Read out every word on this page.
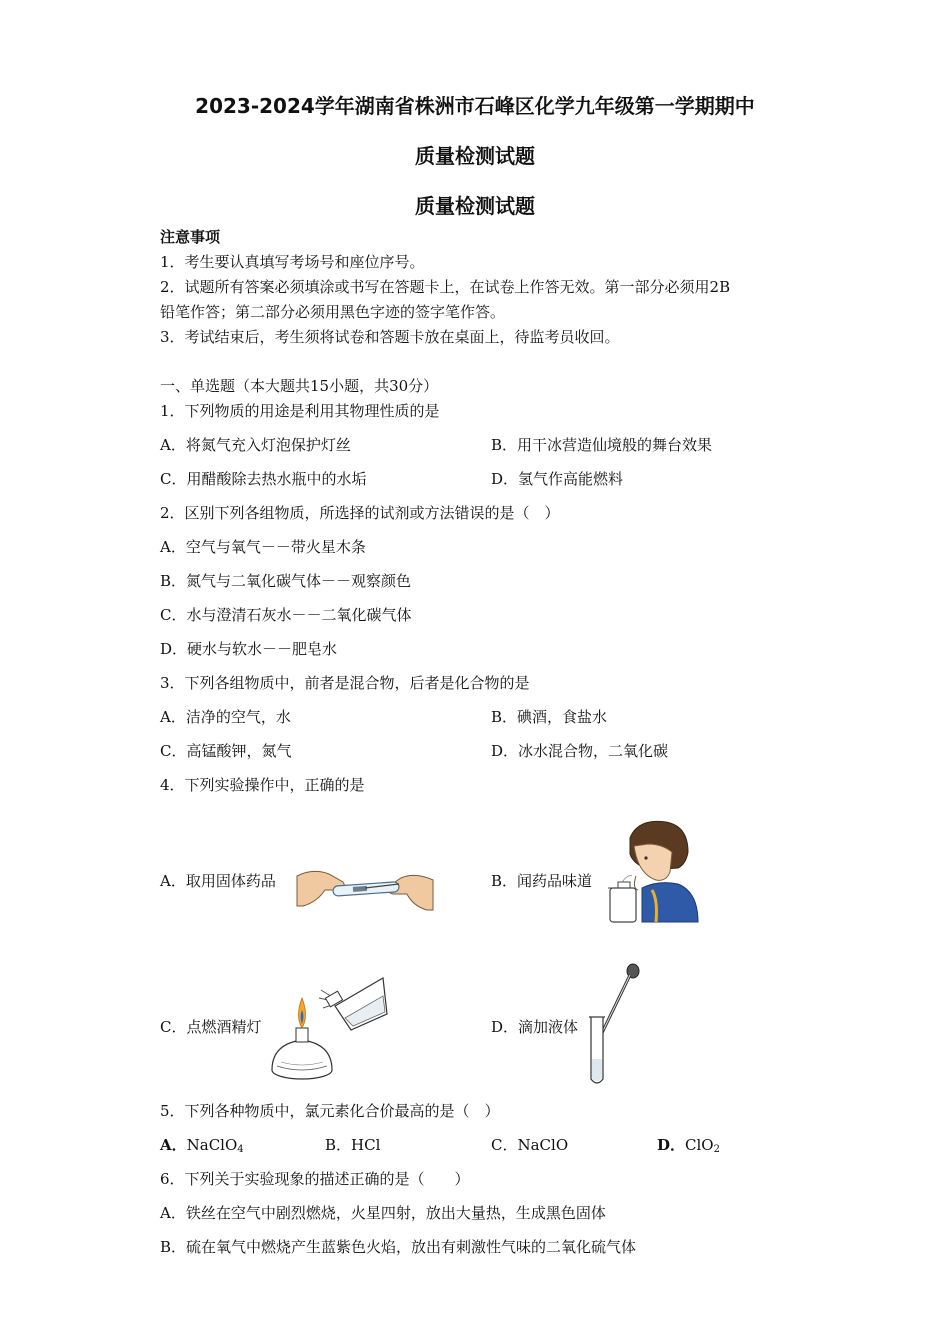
2023-2024学年湖南省株洲市石峰区化学九年级第一学期期中
质量检测试题
质量检测试题
注意事项
1．考生要认真填写考场号和座位序号。
2．试题所有答案必须填涂或书写在答题卡上，在试卷上作答无效。第一部分必须用2B
铅笔作答；第二部分必须用黑色字迹的签字笔作答。
3．考试结束后，考生须将试卷和答题卡放在桌面上，待监考员收回。
一、单选题（本大题共15小题，共30分）
1．下列物质的用途是利用其物理性质的是
A．将氮气充入灯泡保护灯丝	B．用干冰营造仙境般的舞台效果
C．用醋酸除去热水瓶中的水垢	D．氢气作高能燃料
2．区别下列各组物质，所选择的试剂或方法错误的是（　）
A．空气与氧气－－带火星木条
B．氮气与二氧化碳气体－－观察颜色
C．水与澄清石灰水－－二氧化碳气体
D．硬水与软水－－肥皂水
3．下列各组物质中，前者是混合物，后者是化合物的是
A．洁净的空气，水	B．碘酒，食盐水
C．高锰酸钾，氮气	D．冰水混合物，二氧化碳
4．下列实验操作中，正确的是
A．取用固体药品	B．闻药品味道
C．点燃酒精灯	D．滴加液体
5．下列各种物质中，氯元素化合价最高的是（　）
A．NaClO$_4$	B．HCl	C．NaClO	D．ClO$_2$
6．下列关于实验现象的描述正确的是（　　）
A．铁丝在空气中剧烈燃烧，火星四射，放出大量热，生成黑色固体
B．硫在氧气中燃烧产生蓝紫色火焰，放出有刺激性气味的二氧化硫气体
